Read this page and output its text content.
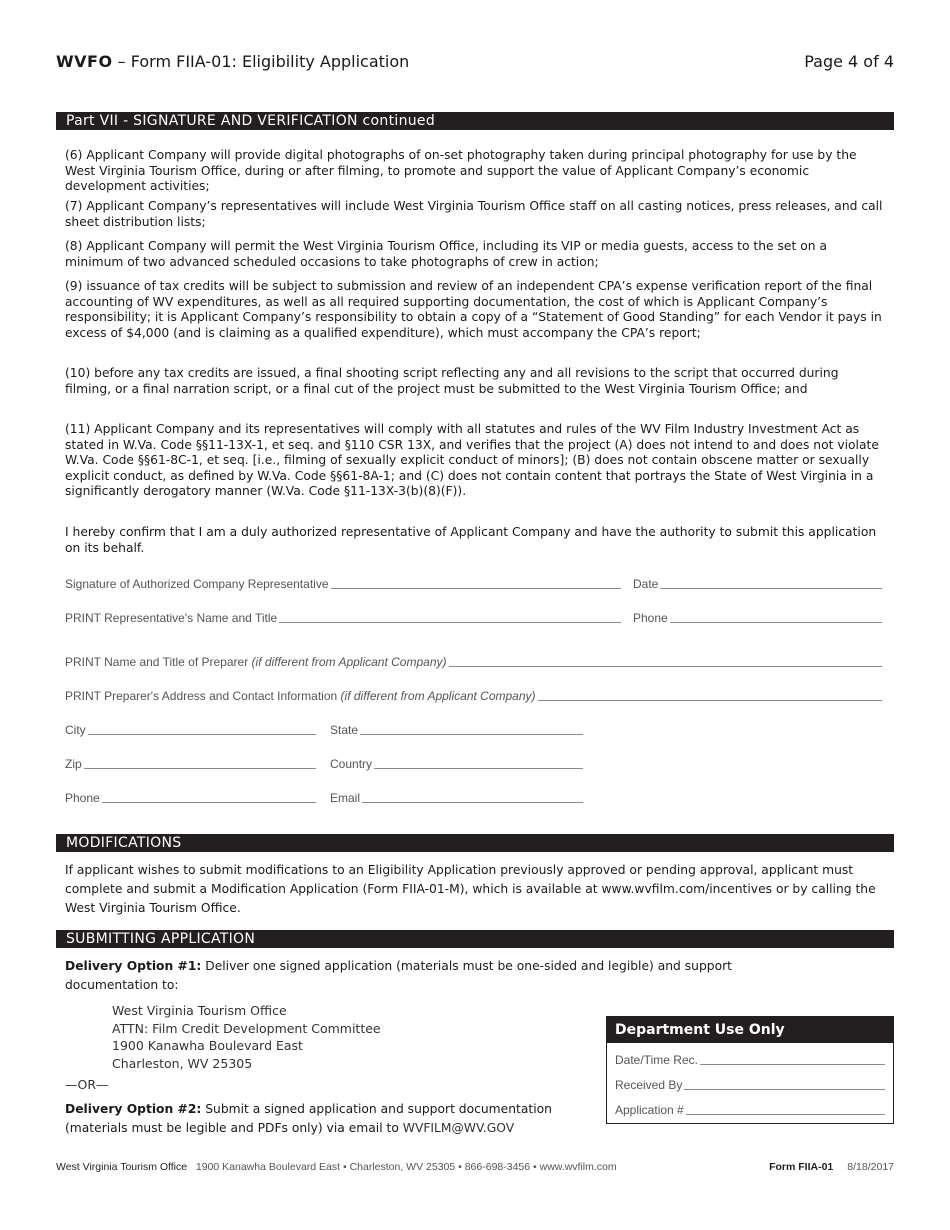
WVFO – Form FIIA-01: Eligibility Application	Page 4 of 4
Part VII - SIGNATURE AND VERIFICATION continued

(6) Applicant Company will provide digital photographs of on-set photography taken during principal photography for use by the West Virginia Tourism Office, during or after filming, to promote and support the value of Applicant Company’s economic development activities;

(7) Applicant Company’s representatives will include West Virginia Tourism Office staff on all casting notices, press releases, and call sheet distribution lists;

(8) Applicant Company will permit the West Virginia Tourism Office, including its VIP or media guests, access to the set on a minimum of two advanced scheduled occasions to take photographs of crew in action;

(9) issuance of tax credits will be subject to submission and review of an independent CPA’s expense verification report of the final accounting of WV expenditures, as well as all required supporting documentation, the cost of which is Applicant Company’s responsibility; it is Applicant Company’s responsibility to obtain a copy of a “Statement of Good Standing” for each Vendor it pays in excess of $4,000 (and is claiming as a qualified expenditure), which must accompany the CPA’s report;

(10) before any tax credits are issued, a final shooting script reflecting any and all revisions to the script that occurred during filming, or a final narration script, or a final cut of the project must be submitted to the West Virginia Tourism Office; and

(11) Applicant Company and its representatives will comply with all statutes and rules of the WV Film Industry Investment Act as stated in W.Va. Code §§11-13X-1, et seq. and §110 CSR 13X, and verifies that the project (A) does not intend to and does not violate W.Va. Code §§61-8C-1, et seq. [i.e., filming of sexually explicit conduct of minors]; (B) does not contain obscene matter or sexually explicit conduct, as defined by W.Va. Code §§61-8A-1; and (C) does not contain content that portrays the State of West Virginia in a significantly derogatory manner (W.Va. Code §11-13X-3(b)(8)(F)).

I hereby confirm that I am a duly authorized representative of Applicant Company and have the authority to submit this application on its behalf.

Signature of Authorized Company Representative	Date
PRINT Representative's Name and Title	Phone
PRINT Name and Title of Preparer (if different from Applicant Company)
PRINT Preparer's Address and Contact Information (if different from Applicant Company)
City	State
Zip	Country
Phone	Email
MODIFICATIONS

If applicant wishes to submit modifications to an Eligibility Application previously approved or pending approval, applicant must complete and submit a Modification Application (Form FIIA-01-M), which is available at www.wvfilm.com/incentives or by calling the West Virginia Tourism Office.

SUBMITTING APPLICATION

Delivery Option #1: Deliver one signed application (materials must be one-sided and legible) and support documentation to:

West Virginia Tourism Office
ATTN: Film Credit Development Committee
1900 Kanawha Boulevard East
Charleston, WV 25305
—OR—

Delivery Option #2: Submit a signed application and support documentation (materials must be legible and PDFs only) via email to WVFILM@WV.GOV

Department Use Only
Date/Time Rec.
Received By
Application #
West Virginia Tourism Office 1900 Kanawha Boulevard East • Charleston, WV 25305 • 866-698-3456 • www.wvfilm.com	Form FIIA-01 8/18/2017
